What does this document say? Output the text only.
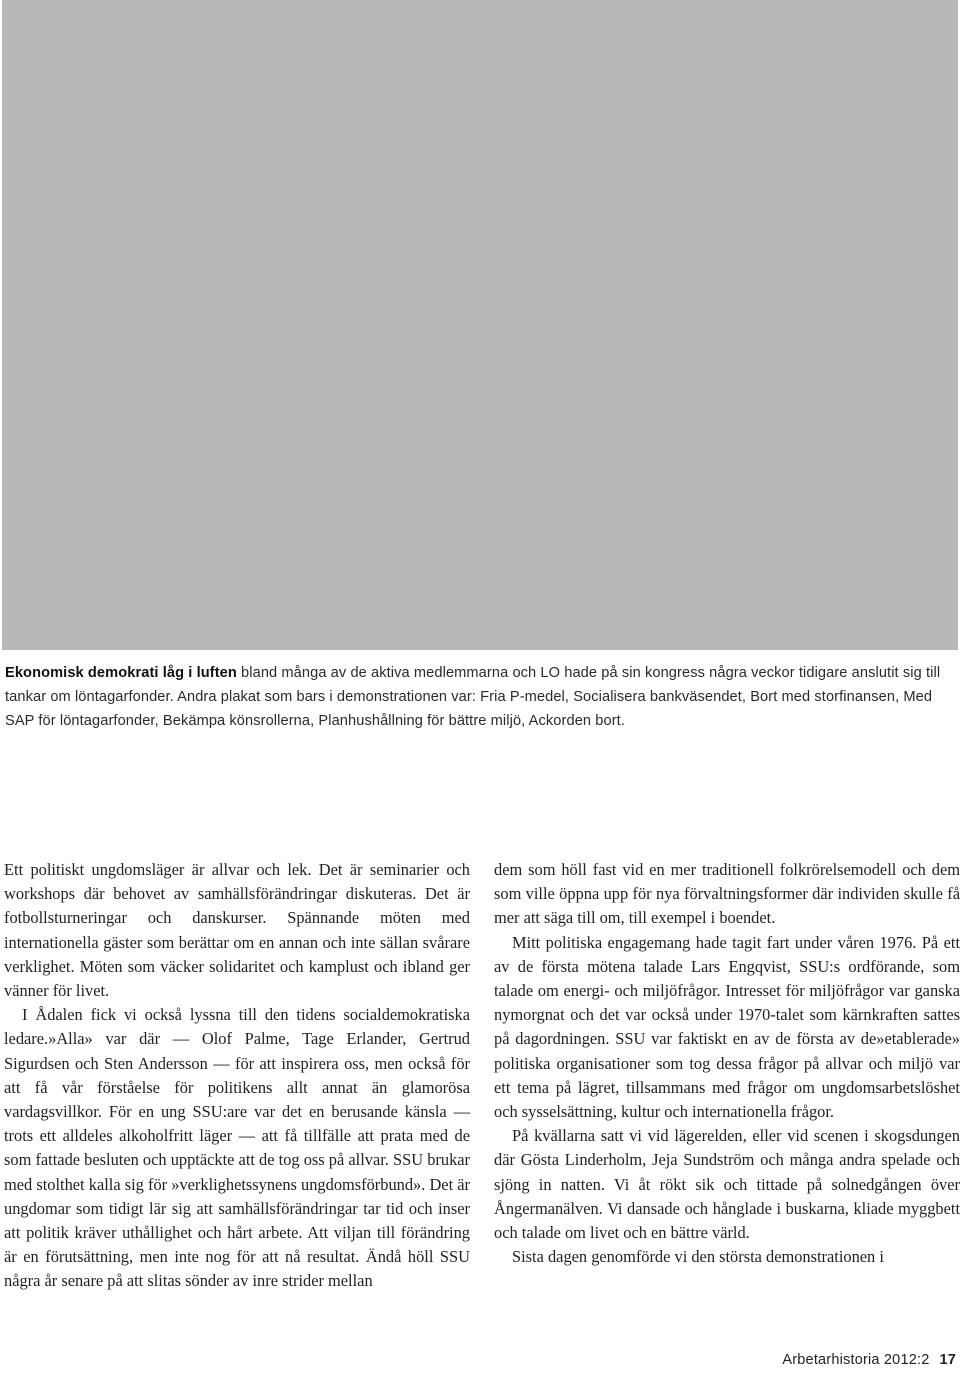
Ekonomisk demokrati låg i luften bland många av de aktiva medlemmarna och LO hade på sin kongress några veckor tidigare anslutit sig till tankar om löntagarfonder. Andra plakat som bars i demonstrationen var: Fria P-medel, Socialisera bankväsendet, Bort med storfinansen, Med SAP för löntagarfonder, Bekämpa könsrollerna, Planhushållning för bättre miljö, Ackorden bort.

Ett politiskt ungdomsläger är allvar och lek. Det är seminarier och workshops där behovet av samhällsförändringar diskuteras. Det är fotbollsturneringar och danskurser. Spännande möten med internationella gäster som berättar om en annan och inte sällan svårare verklighet. Möten som väcker solidaritet och kamplust och ibland ger vänner för livet.

I Ådalen fick vi också lyssna till den tidens socialdemokratiska ledare.»Alla» var där — Olof Palme, Tage Erlander, Gertrud Sigurdsen och Sten Andersson — för att inspirera oss, men också för att få vår förståelse för politikens allt annat än glamorösa vardagsvillkor. För en ung SSU:are var det en berusande känsla — trots ett alldeles alkoholfritt läger — att få tillfälle att prata med de som fattade besluten och upptäckte att de tog oss på allvar. SSU brukar med stolthet kalla sig för »verklighetssynens ungdomsförbund». Det är ungdomar som tidigt lär sig att samhällsförändringar tar tid och inser att politik kräver uthållighet och hårt arbete. Att viljan till förändring är en förutsättning, men inte nog för att nå resultat. Ändå höll SSU några år senare på att slitas sönder av inre strider mellan

dem som höll fast vid en mer traditionell folkrörelsemodell och dem som ville öppna upp för nya förvaltningsformer där individen skulle få mer att säga till om, till exempel i boendet.

Mitt politiska engagemang hade tagit fart under våren 1976. På ett av de första mötena talade Lars Engqvist, SSU:s ordförande, som talade om energi- och miljöfrågor. Intresset för miljöfrågor var ganska nymorgnat och det var också under 1970-talet som kärnkraften sattes på dagordningen. SSU var faktiskt en av de första av de»etablerade» politiska organisationer som tog dessa frågor på allvar och miljö var ett tema på lägret, tillsammans med frågor om ungdomsarbetslöshet och sysselsättning, kultur och internationella frågor.

På kvällarna satt vi vid lägerelden, eller vid scenen i skogsdungen där Gösta Linderholm, Jeja Sundström och många andra spelade och sjöng in natten. Vi åt rökt sik och tittade på solnedgången över Ångermanälven. Vi dansade och hånglade i buskarna, kliade myggbett och talade om livet och en bättre värld.

Sista dagen genomförde vi den största demonstrationen i

Arbetarhistoria 2012:2 17
